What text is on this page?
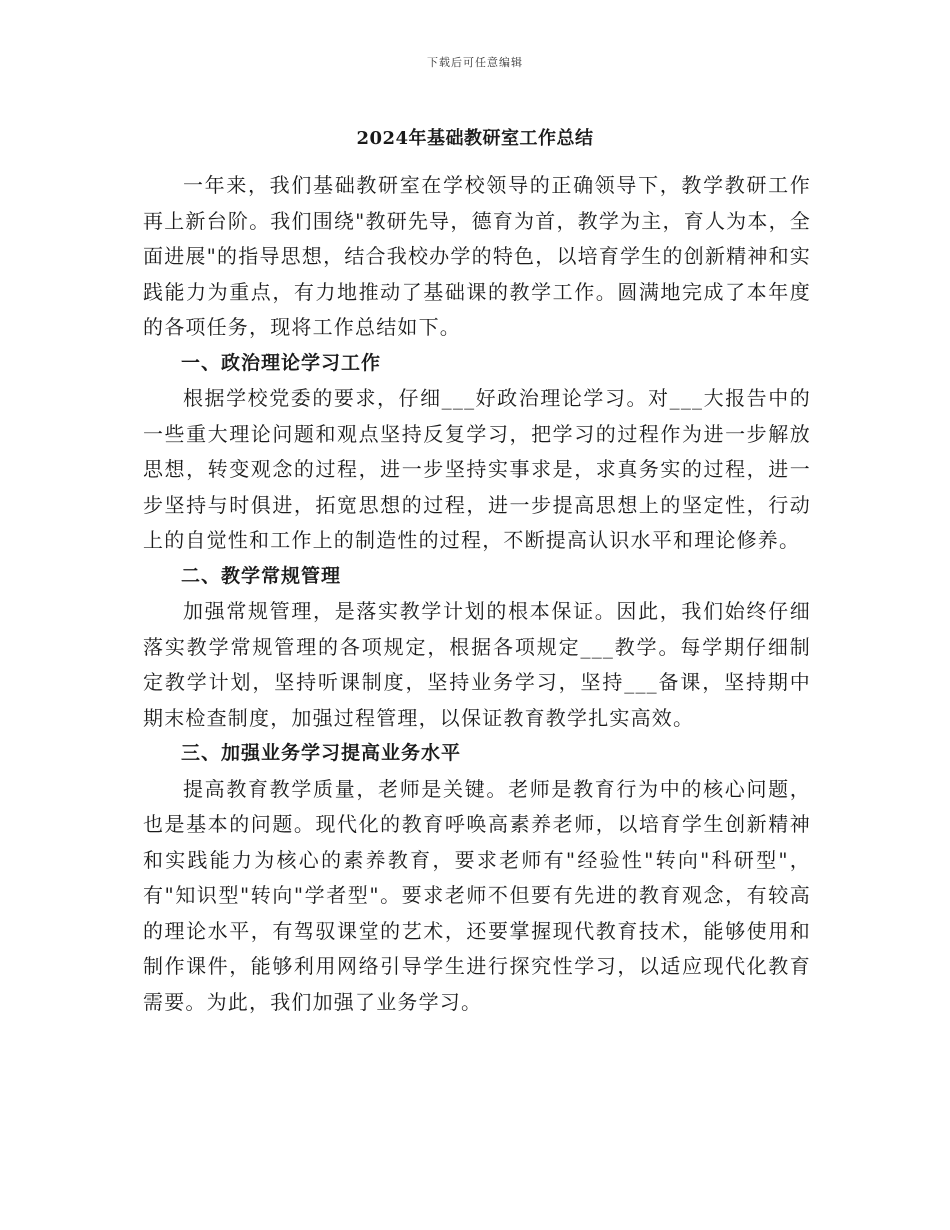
下载后可任意编辑
2024年基础教研室工作总结

一年来，我们基础教研室在学校领导的正确领导下，教学教研工作再上新台阶。我们围绕"教研先导，德育为首，教学为主，育人为本，全面进展"的指导思想，结合我校办学的特色，以培育学生的创新精神和实践能力为重点，有力地推动了基础课的教学工作。圆满地完成了本年度的各项任务，现将工作总结如下。

一、政治理论学习工作

根据学校党委的要求，仔细___好政治理论学习。对___大报告中的一些重大理论问题和观点坚持反复学习，把学习的过程作为进一步解放思想，转变观念的过程，进一步坚持实事求是，求真务实的过程，进一步坚持与时俱进，拓宽思想的过程，进一步提高思想上的坚定性，行动上的自觉性和工作上的制造性的过程，不断提高认识水平和理论修养。

二、教学常规管理

加强常规管理，是落实教学计划的根本保证。因此，我们始终仔细落实教学常规管理的各项规定，根据各项规定___教学。每学期仔细制定教学计划，坚持听课制度，坚持业务学习，坚持___备课，坚持期中期末检查制度，加强过程管理，以保证教育教学扎实高效。

三、加强业务学习提高业务水平

提高教育教学质量，老师是关键。老师是教育行为中的核心问题，也是基本的问题。现代化的教育呼唤高素养老师，以培育学生创新精神和实践能力为核心的素养教育，要求老师有"经验性"转向"科研型"，有"知识型"转向"学者型"。要求老师不但要有先进的教育观念，有较高的理论水平，有驾驭课堂的艺术，还要掌握现代教育技术，能够使用和制作课件，能够利用网络引导学生进行探究性学习，以适应现代化教育需要。为此，我们加强了业务学习。
